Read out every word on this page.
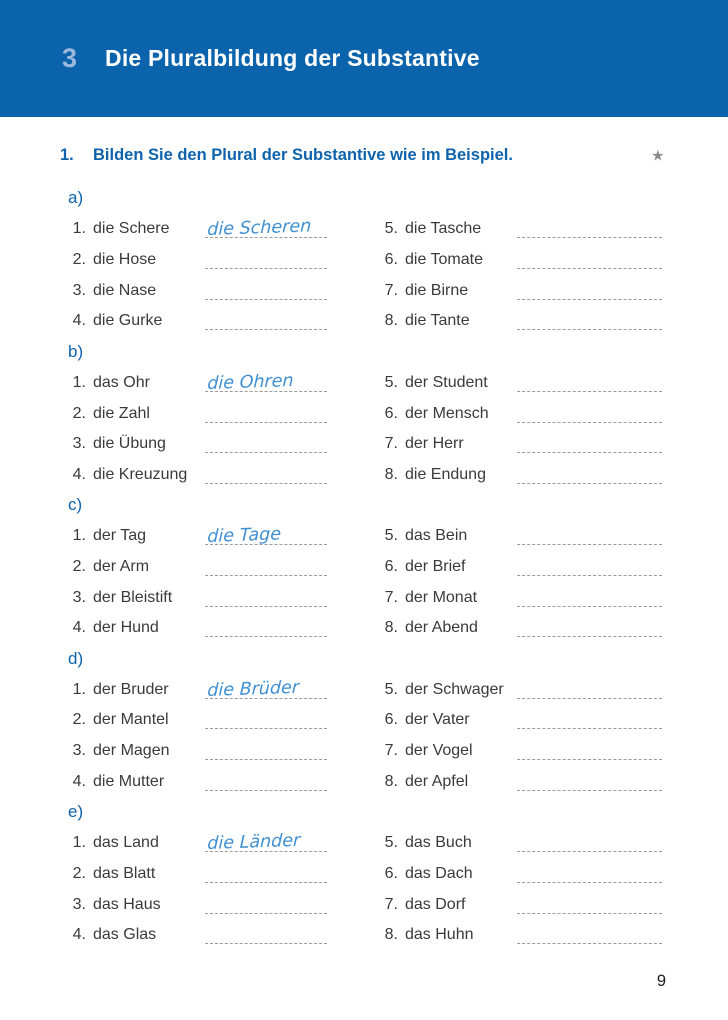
3 Die Pluralbildung der Substantive
1.	Bilden Sie den Plural der Substantive wie im Beispiel.	★
a)
1. die Schere	die Scheren	5. die Tasche
2. die Hose	6. die Tomate
3. die Nase	7. die Birne
4. die Gurke	8. die Tante
b)
1. das Ohr	die Ohren	5. der Student
2. die Zahl	6. der Mensch
3. die Übung	7. der Herr
4. die Kreuzung	8. die Endung
c)
1. der Tag	die Tage	5. das Bein
2. der Arm	6. der Brief
3. der Bleistift	7. der Monat
4. der Hund	8. der Abend
d)
1. der Bruder	die Brüder	5. der Schwager
2. der Mantel	6. der Vater
3. der Magen	7. der Vogel
4. die Mutter	8. der Apfel
e)
1. das Land	die Länder	5. das Buch
2. das Blatt	6. das Dach
3. das Haus	7. das Dorf
4. das Glas	8. das Huhn
9
